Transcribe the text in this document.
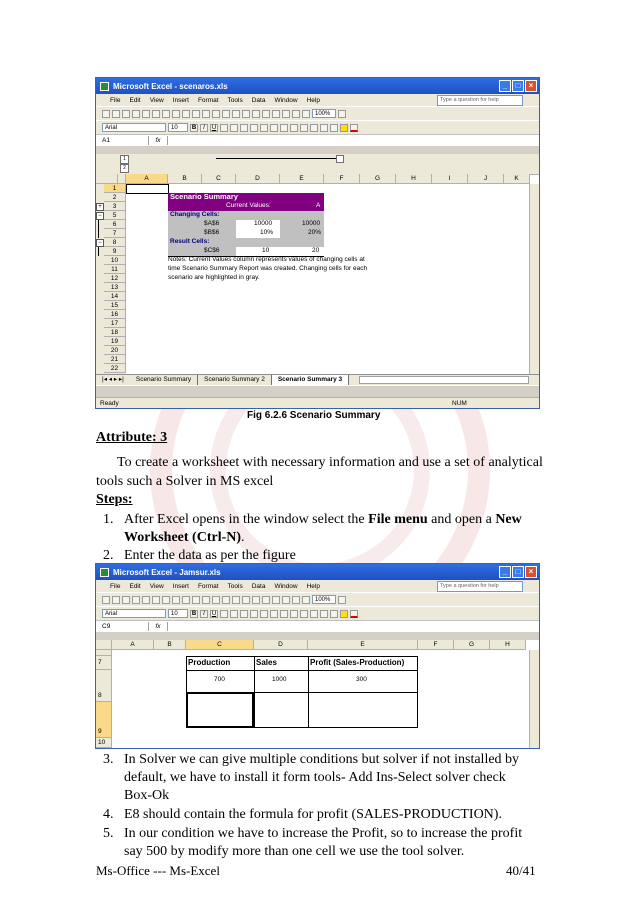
Microsoft Excel - scenaros.xls	_	□	×
File Edit View Insert Format Tools Data Window Help	Type a question for help
100%
Arial	10	B	I	U
A1	fx
1
2
A	B	C	D	E	F	G	H	I	J	K
1
2
3
5
6
7
8
9
10
11
12
13
14
15
16
17
18
19
20
21
22
+
−
−
Scenario Summary
Current Values:	A
Changing Cells:
$A$6	10000	10000
$B$6	10%	20%
Result Cells:
$C$6	10	20
Notes: Current Values column represents values of changing cells at
time Scenario Summary Report was created. Changing cells for each
scenario are highlighted in gray.
|◂ ◂ ▸ ▸|	Scenario Summary	Scenario Summary 2	Scenario Summary 3
Ready	NUM
Fig 6.2.6 Scenario Summary
Attribute: 3
To create a worksheet with necessary information and use a set of analytical
tools such a Solver in MS excel
Steps:
1. After Excel opens in the window select the File menu and open a New
Worksheet (Ctrl-N).
2. Enter the data as per the figure
Microsoft Excel - Jamsur.xls	_	□	×
File Edit View Insert Format Tools Data Window Help	Type a question for help
100%
Arial	10	B	I	U
C9	fx
A	B	C	D	E	F	G	H
7
8
9
10
Production	Sales	Profit (Sales-Production)
700	1000	300
3. In Solver we can give multiple conditions but solver if not installed by
default, we have to install it form tools- Add Ins-Select solver check
Box-Ok
4. E8 should contain the formula for profit (SALES-PRODUCTION).
5. In our condition we have to increase the Profit, so to increase the profit
say 500 by modify more than one cell we use the tool solver.
Ms-Office --- Ms-Excel	40/41
